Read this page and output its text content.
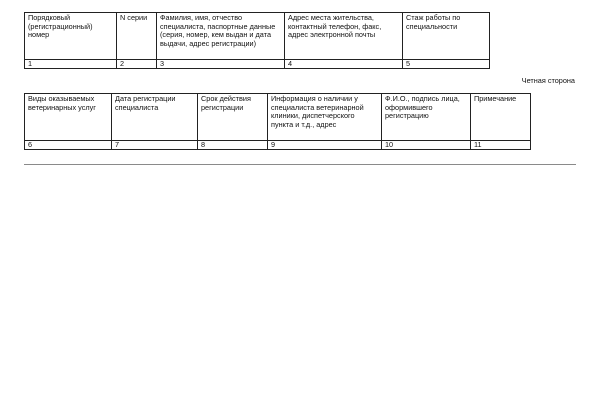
Порядковый (регистрационный) номер	N серии	Фамилия, имя, отчество специалиста, паспортные данные (серия, номер, кем выдан и дата выдачи, адрес регистрации)	Адрес места жительства, контактный телефон, факс, адрес электронной почты	Стаж работы по специальности
1	2	3	4	5
Четная сторона
Виды оказываемых ветеринарных услуг	Дата регистрации специалиста	Срок действия регистрации	Информация о наличии у специалиста ветеринарной клиники, диспетчерского пункта и т.д., адрес	Ф.И.О., подпись лица, оформившего регистрацию	Примечание
6	7	8	9	10	11
